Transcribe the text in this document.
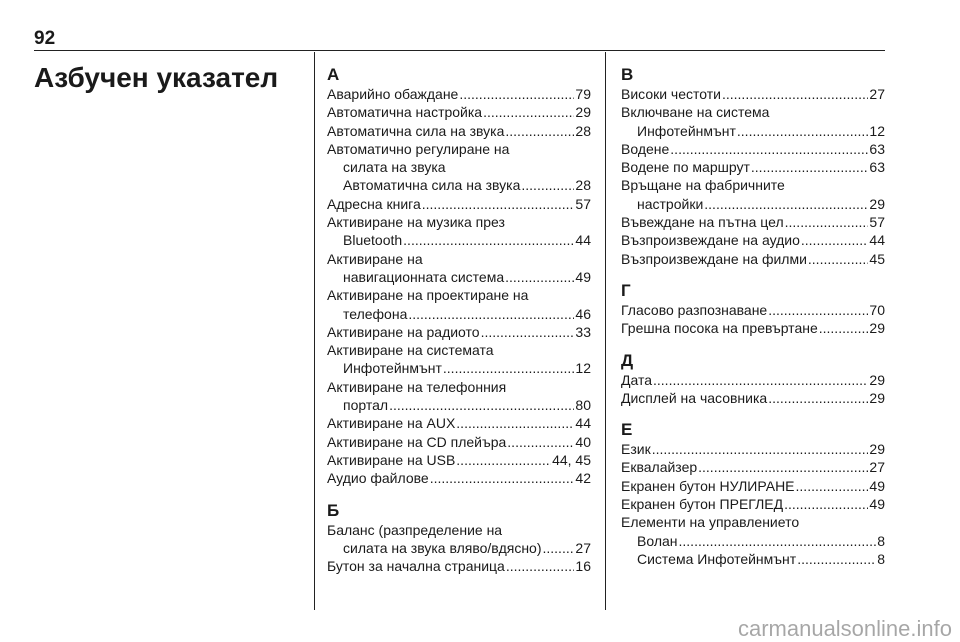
92
Азбучен указател	А
Аварийно обаждане .....	79
Автоматична настройка .....	29
Автоматична сила на звука .....	28
Автоматично регулиране на
силата на звука
Автоматична сила на звука .....	28
Адресна книга .....	57
Активиране на музика през
Bluetooth .....	44
Активиране на
навигационната система .....	49
Активиране на проектиране на
телефона .....	46
Активиране на радиото .....	33
Активиране на системата
Инфотейнмънт .....	12
Активиране на телефонния
портал .....	80
Активиране на AUX .....	44
Активиране на CD плейъра .....	40
Активиране на USB .....	44, 45
Аудио файлове .....	42
Б
Баланс (разпределение на
силата на звука вляво/вдясно) ..... 27
Бутон за начална страница .....	16
В
Високи честоти .....	27
Включване на система
Инфотейнмънт .....	12
Водене .....	63
Водене по маршрут .....	63
Връщане на фабричните
настройки .....	29
Въвеждане на пътна цел .....	57
Възпроизвеждане на аудио .....	44
Възпроизвеждане на филми .....	45
Г
Гласово разпознаване .....	70
Грешна посока на превъртане .....	29
Д
Дата .....	29
Дисплей на часовника .....	29
Е
Език .....	29
Еквалайзер .....	27
Екранен бутон НУЛИРАНЕ .....	49
Екранен бутон ПРЕГЛЕД .....	49
Елементи на управлението
Волан .....	8
Система Инфотейнмънт .....	8
carmanualsonline.info
